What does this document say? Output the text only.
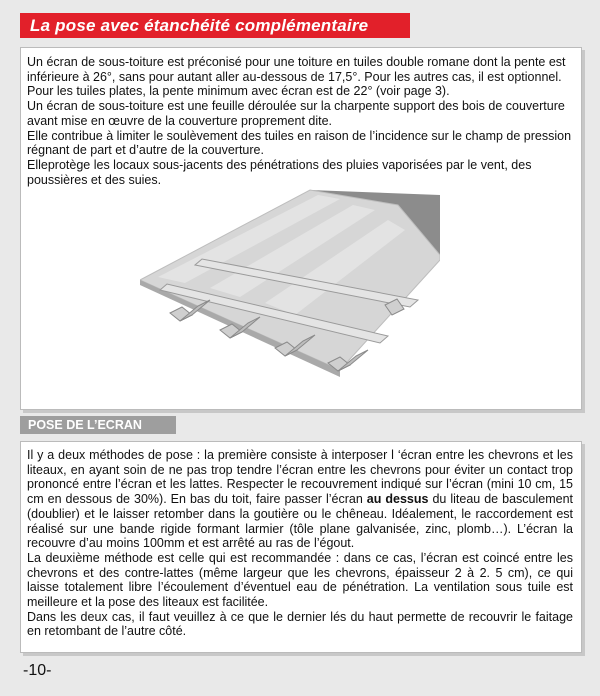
La pose avec étanchéité complémentaire

Un écran de sous-toiture est préconisé pour une toiture en tuiles double romane dont la pente est inférieure à 26°, sans pour autant aller au-dessous de 17,5°. Pour les autres cas, il est optionnel. Pour les tuiles plates, la pente minimum avec écran est de 22° (voir page 3).

Un écran de sous-toiture est une feuille déroulée sur la charpente support des bois de couverture avant mise en œuvre de la couverture proprement dite.

Elle contribue à limiter le soulèvement des tuiles en raison de l’incidence sur le champ de pression régnant de part et d’autre de la couverture.

Elleprotège les locaux sous-jacents des pénétrations des pluies vaporisées par le vent, des poussières et des suies.

POSE DE L’ECRAN

Il y a deux méthodes de pose : la première consiste à interposer l ‘écran entre les chevrons et les liteaux, en ayant soin de ne pas trop tendre l’écran entre les chevrons pour éviter un contact trop prononcé entre l’écran et les lattes. Respecter le recouvrement indiqué sur l’écran (mini 10 cm, 15 cm en dessous de 30%). En bas du toit, faire passer l’écran au dessus du liteau de basculement (doublier) et le laisser retomber dans la goutière ou le chêneau. Idéalement, le raccordement est réalisé sur une bande rigide formant larmier (tôle plane galvanisée, zinc, plomb…). L’écran la recouvre d’au moins 100mm et est arrêté au ras de l’égout.

La deuxième méthode est celle qui est recommandée : dans ce cas, l’écran est coincé entre les chevrons et des contre-lattes (même largeur que les chevrons, épaisseur 2 à 2. 5 cm), ce qui laisse totalement libre l’écoulement d’éventuel eau de pénétration. La ventilation sous tuile est meilleure et la pose des liteaux est facilitée.

Dans les deux cas, il faut veuillez à ce que le dernier lés du haut permette de recouvrir le faitage en retombant de l’autre côté.

-10-
